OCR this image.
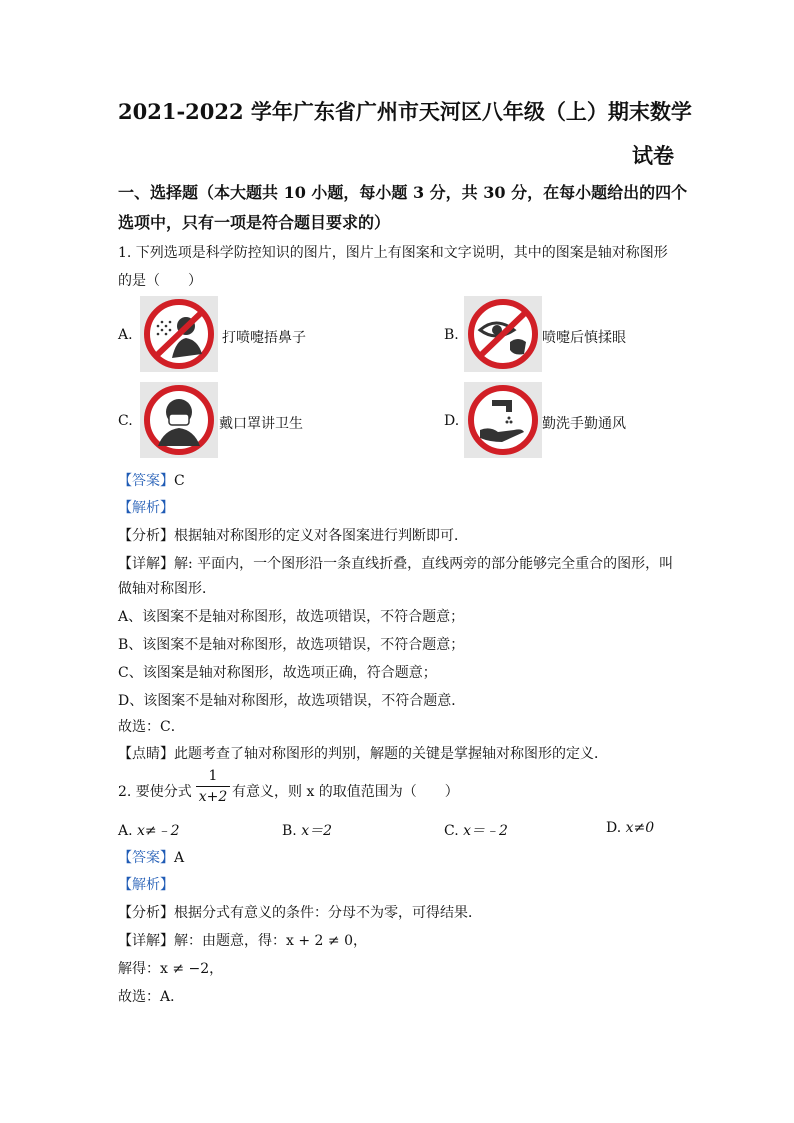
2021-2022 学年广东省广州市天河区八年级（上）期末数学
试卷
一、选择题（本大题共 10 小题，每小题 3 分，共 30 分，在每小题给出的四个
选项中，只有一项是符合题目要求的）
1. 下列选项是科学防控知识的图片，图片上有图案和文字说明，其中的图案是轴对称图形
的是（　　）
A.	打喷嚏捂鼻子	B.	喷嚏后慎揉眼
C.	戴口罩讲卫生	D.	勤洗手勤通风
【答案】C
【解析】
【分析】根据轴对称图形的定义对各图案进行判断即可．
【详解】解: 平面内，一个图形沿一条直线折叠，直线两旁的部分能够完全重合的图形，叫
做轴对称图形．
A、该图案不是轴对称图形，故选项错误，不符合题意；
B、该图案不是轴对称图形，故选项错误，不符合题意；
C、该图案是轴对称图形，故选项正确，符合题意；
D、该图案不是轴对称图形，故选项错误，不符合题意．
故选：C．
【点睛】此题考查了轴对称图形的判别，解题的关键是掌握轴对称图形的定义．
2. 要使分式 $\frac{1}{x+2}$ 有意义，则 x 的取值范围为（　　）
A. x≠﹣2	B. x＝2	C. x＝﹣2	D. x≠0
【答案】A
【解析】
【分析】根据分式有意义的条件：分母不为零，可得结果．
【详解】解：由题意，得：x + 2 ≠ 0，
解得：x ≠ −2，
故选：A．
